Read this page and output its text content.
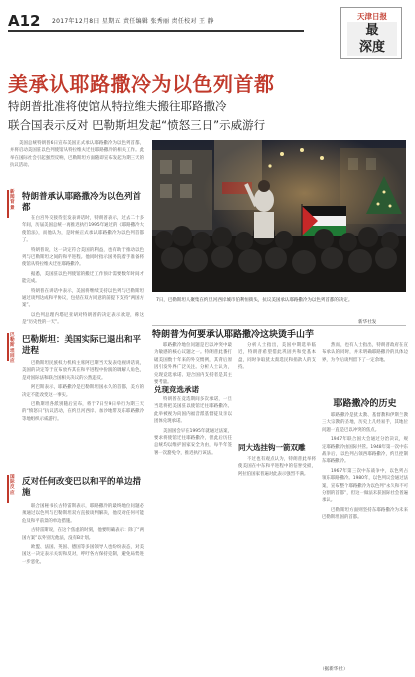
A12 2017年12月8日 星期五 责任编辑 张秀丽 责任校对 王 静
天津日报
最
深度
美承认耶路撒冷为以色列首都
特朗普批准将使馆从特拉维夫搬往耶路撒冷
联合国表示反对 巴勒斯坦发起“愤怒三日”示威游行

美国总统特朗普6日宣布美国正式承认耶路撒冷为以色列首都，并将启动美国驻以色列使馆从特拉维夫迁往耶路撒冷的相关工作。此举在国际社会引起强烈反响，巴勒斯坦方面随即宣布发起为期三天的抗议活动。

新闻背景
特朗普承认耶路撒冷为以色列首都

在白宫外交接待室发表讲话时，特朗普表示，过去二十多年间，历届美国总统一再推迟执行1995年通过的《耶路撒冷大使馆法》，而他认为，是时候正式承认耶路撒冷为以色列首都了。

特朗普说，这一决定符合美国的利益，也有助于推动以色列与巴勒斯坦之间的和平进程。他同时指示国务院着手准备将使馆从特拉维夫迁往耶路撒冷。

据悉，美国驻以色列使馆的搬迁工作预计需要数年时间才能完成。

特朗普在讲话中表示，美国将继续支持以色列与巴勒斯坦通过谈判达成和平协议，包括在双方同意的前提下支持“两国方案”。

以色列总理内塔尼亚胡对特朗普的决定表示欢迎，称这是“历史性的一天”。

巴勒斯坦回应
巴勒斯坦：美国实际已退出和平进程

巴勒斯坦民族权力机构主席阿巴斯当天发表电视讲话说，美国的决定等于宣布放弃其在和平进程中扮演的调解人角色，是对国际法和联合国相关决议的公然违反。

阿巴斯表示，耶路撒冷是巴勒斯坦国永久的首都，美方的决定不能改变这一事实。

巴勒斯坦各派别随后宣布，将于7日至9日举行为期三天的“愤怒日”抗议活动，在约旦河西岸、加沙地带及东耶路撒冷等地组织示威游行。

国际反应
反对任何改变巴以和平的单边措施

联合国秘书长古特雷斯表示，耶路撒冷的最终地位问题必须通过以色列与巴勒斯坦双方直接谈判解决，他反对任何可能危及和平前景的单边措施。

古特雷斯说，在这个焦虑的时刻，他要明确表示：除了“两国方案”以外别无他法，没有B计划。

欧盟、法国、英国、德国等多国领导人也纷纷表态，对美国这一决定表示关切和反对，呼吁各方保持克制，避免局势进一步恶化。

7日，巴勒斯坦人聚集在约旦河西岸城市伯利恒街头，抗议美国承认耶路撒冷为以色列首都的决定。
新华社发
特朗普为何要承认耶路撒冷这块烫手山芋

耶路撒冷地位问题是巴以冲突中最为敏感的核心议题之一。特朗普此番打破美国数十年来的外交惯例，其背后原因引发外界广泛关注。分析人士认为，兑现竞选承诺、迎合国内支持者是其主要考量。

兑现竞选承诺

特朗普在竞选期间多次承诺，一旦当选将把美国驻以使馆迁往耶路撒冷。此举被视为向国内福音派基督徒及亲以团体兑现承诺。

美国国会早在1995年就通过法案，要求将使馆迁往耶路撒冷，但此后历任总统均以维护国家安全为由，每半年签署一次豁免令，推迟执行该法。

分析人士指出，美国中期选举临近，特朗普希望借此巩固共和党基本盘，同时争取犹太裔选民和捐款人的支持。

同大选挂钩一箭双雕

不过也有观点认为，特朗普此举将使美国在中东和平进程中的信誉受损，阿拉伯国家普遍对此表示强烈不满。

然而，也有人士指出，特朗普政府在宣布承认的同时，并未明确耶路撒冷的具体边界，为今后谈判留下了一定余地。

耶路撒冷的历史

耶路撒冷是犹太教、基督教和伊斯兰教三大宗教的圣地，历史上几经易手，其地位问题一直是巴以冲突的焦点。

1947年联合国大会通过分治决议，规定耶路撒冷由国际共管。1948年第一次中东战争后，以色列占领西耶路撒冷，约旦控制东耶路撒冷。

1967年第三次中东战争中，以色列占领东耶路撒冷。1980年，以色列议会通过法案，宣布整个耶路撒冷为以色列“永久和不可分割的首都”，但这一做法未获国际社会普遍承认。

巴勒斯坦方面则坚持东耶路撒冷为未来巴勒斯坦国的首都。

（据新华社）
